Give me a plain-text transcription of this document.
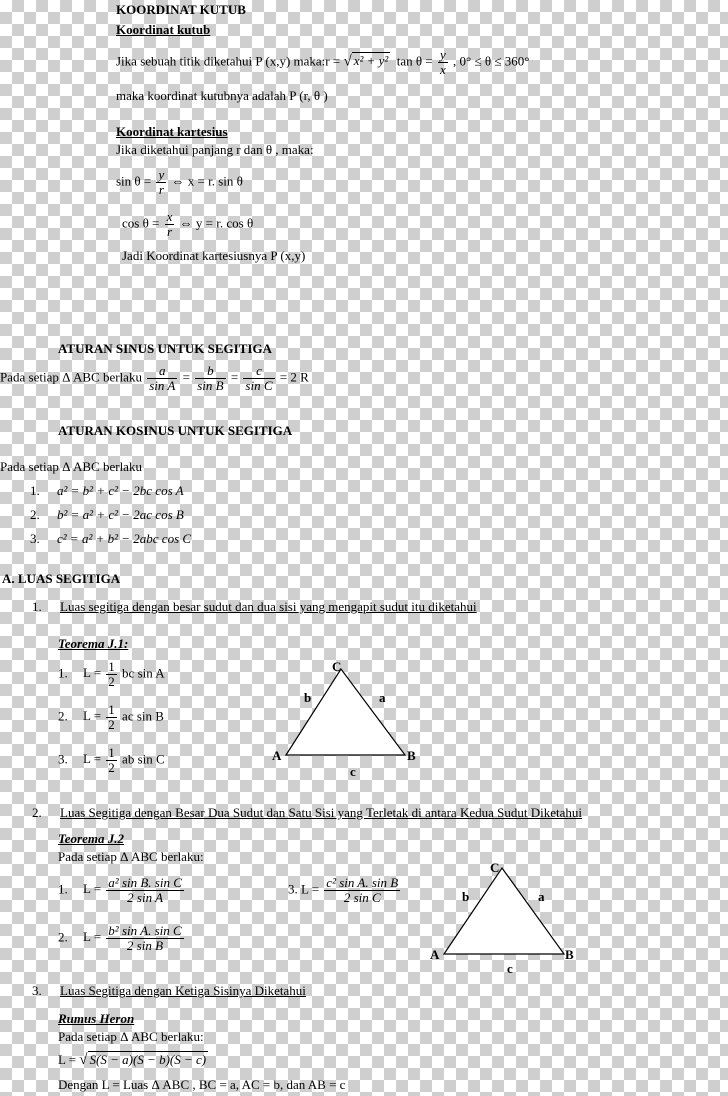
KOORDINAT KUTUB
Koordinat kutub
Jika sebuah titik diketahui P (x,y) maka:r = √ x² + y² $\tan \theta = \frac{y}{x}$ , 0° ≤ θ ≤ 360°
maka koordinat kutubnya adalah P (r, θ )
Koordinat kartesius
Jika diketahui panjang r dan θ , maka:
$\sin \theta = \frac{y}{r}$ ⇔ x = r. sin θ
$\cos \theta = \frac{x}{r}$ ⇔ y = r. cos θ
Jadi Koordinat kartesiusnya P (x,y)
ATURAN SINUS UNTUK SEGITIGA
Pada setiap Δ ABC berlaku $\frac{a}{\text{sin A}} = \frac{b}{\text{sin B}} = \frac{c}{\text{sin C}} = 2$ R
ATURAN KOSINUS UNTUK SEGITIGA
Pada setiap Δ ABC berlaku
1. a² = b² + c² − 2bc cos A
2. b² = a² + c² − 2ac cos B
3. c² = a² + b² − 2abc cos C
A. LUAS SEGITIGA
1. Luas segitiga dengan besar sudut dan dua sisi yang mengapit sudut itu diketahui
Teorema J.1:
1. $L = \frac{1}{2}$ bc sin A
2. $L = \frac{1}{2}$ ac sin B
3. $L = \frac{1}{2}$ ab sin C
C
A	B
b	a
c
2. Luas Segitiga dengan Besar Dua Sudut dan Satu Sisi yang Terletak di antara Kedua Sudut Diketahui
Teorema J.2
Pada setiap Δ ABC berlaku:
1. $L = \frac{\text{a² sin B. sin C}}{\text{2 sin A}}$
2. $L = \frac{\text{b² sin A. sin C}}{\text{2 sin B}}$
3. $L = \frac{\text{c² sin A. sin B}}{\text{2 sin C}}$
C
A	B
b	a
c
3. Luas Segitiga dengan Ketiga Sisinya Diketahui
Rumus Heron
Pada setiap Δ ABC berlaku:
L = √ S(S − a)(S − b)(S − c)
Dengan L = Luas Δ ABC , BC = a, AC = b, dan AB = c
